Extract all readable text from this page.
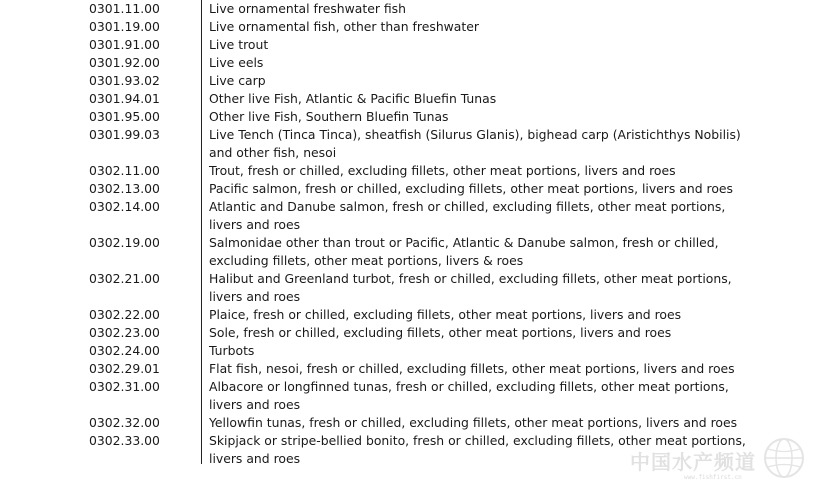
0301.11.00	Live ornamental freshwater fish
0301.19.00	Live ornamental fish, other than freshwater
0301.91.00	Live trout
0301.92.00	Live eels
0301.93.02	Live carp
0301.94.01	Other live Fish, Atlantic & Pacific Bluefin Tunas
0301.95.00	Other live Fish, Southern Bluefin Tunas
0301.99.03	Live Tench (Tinca Tinca), sheatfish (Silurus Glanis), bighead carp (Aristichthys Nobilis)
and other fish, nesoi
0302.11.00	Trout, fresh or chilled, excluding fillets, other meat portions, livers and roes
0302.13.00	Pacific salmon, fresh or chilled, excluding fillets, other meat portions, livers and roes
0302.14.00	Atlantic and Danube salmon, fresh or chilled, excluding fillets, other meat portions,
livers and roes
0302.19.00	Salmonidae other than trout or Pacific, Atlantic & Danube salmon, fresh or chilled,
excluding fillets, other meat portions, livers & roes
0302.21.00	Halibut and Greenland turbot, fresh or chilled, excluding fillets, other meat portions,
livers and roes
0302.22.00	Plaice, fresh or chilled, excluding fillets, other meat portions, livers and roes
0302.23.00	Sole, fresh or chilled, excluding fillets, other meat portions, livers and roes
0302.24.00	Turbots
0302.29.01	Flat fish, nesoi, fresh or chilled, excluding fillets, other meat portions, livers and roes
0302.31.00	Albacore or longfinned tunas, fresh or chilled, excluding fillets, other meat portions,
livers and roes
0302.32.00	Yellowfin tunas, fresh or chilled, excluding fillets, other meat portions, livers and roes
0302.33.00	Skipjack or stripe-bellied bonito, fresh or chilled, excluding fillets, other meat portions,
livers and roes	中国水产频道
www.fishfirst.cn
